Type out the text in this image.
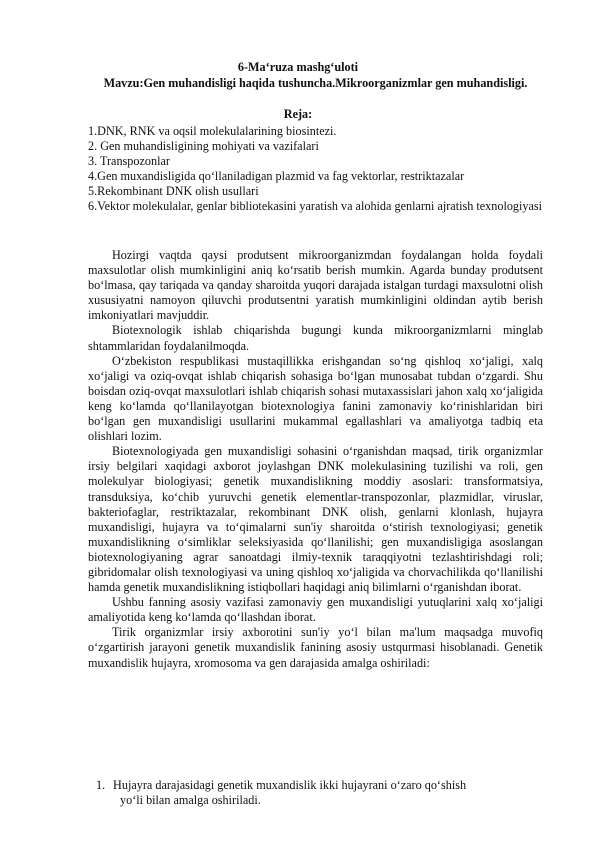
6-Ma‘ruza mashg‘uloti
Mavzu:Gen muhandisligi haqida tushuncha.Mikroorganizmlar gen muhandisligi.
Reja:
1.DNK, RNK va oqsil molekulalarining biosintezi.
2. Gen muhandisligining mohiyati va vazifalari
3. Transpozonlar
4.Gen muxandisligida qo‘llaniladigan plazmid va fag vektorlar, restriktazalar
5.Rekombinant DNK olish usullari
6.Vektor molekulalar, genlar bibliotekasini yaratish va alohida genlarni ajratish texnologiyasi

Hozirgi vaqtda qaysi produtsent mikroorganizmdan foydalangan holda foydali maxsulotlar olish mumkinligini aniq ko‘rsatib berish mumkin. Agarda bunday produtsent bo‘lmasa, qay tariqada va qanday sharoitda yuqori darajada istalgan turdagi maxsulotni olish xususiyatni namoyon qiluvchi produtsentni yaratish mumkinligini oldindan aytib berish imkoniyatlari mavjuddir.

Biotexnologik ishlab chiqarishda bugungi kunda mikroorganizmlarni minglab shtammlaridan foydalanilmoqda.

O‘zbekiston respublikasi mustaqillikka erishgandan so‘ng qishloq xo‘jaligi, xalq xo‘jaligi va oziq-ovqat ishlab chiqarish sohasiga bo‘lgan munosabat tubdan o‘zgardi. Shu boisdan oziq-ovqat maxsulotlari ishlab chiqarish sohasi mutaxassislari jahon xalq xo‘jaligida keng ko‘lamda qo‘llanilayotgan biotexnologiya fanini zamonaviy ko‘rinishlaridan biri bo‘lgan gen muxandisligi usullarini mukammal egallashlari va amaliyotga tadbiq eta olishlari lozim.

Biotexnologiyada gen muxandisligi sohasini o‘rganishdan maqsad, tirik organizmlar irsiy belgilari xaqidagi axborot joylashgan DNK molekulasining tuzilishi va roli, gen molekulyar biologiyasi; genetik muxandislikning moddiy asoslari: transformatsiya, transduksiya, ko‘chib yuruvchi genetik elementlar-transpozonlar, plazmidlar, viruslar, bakteriofaglar, restriktazalar, rekombinant DNK olish, genlarni klonlash, hujayra muxandisligi, hujayra va to‘qimalarni sun'iy sharoitda o‘stirish texnologiyasi; genetik muxandislikning o‘simliklar seleksiyasida qo‘llanilishi; gen muxandisligiga asoslangan biotexnologiyaning agrar sanoatdagi ilmiy-texnik taraqqiyotni tezlashtirishdagi roli; gibridomalar olish texnologiyasi va uning qishloq xo‘jaligida va chorvachilikda qo‘llanilishi hamda genetik muxandislikning istiqbollari haqidagi aniq bilimlarni o‘rganishdan iborat.

Ushbu fanning asosiy vazifasi zamonaviy gen muxandisligi yutuqlarini xalq xo‘jaligi amaliyotida keng ko‘lamda qo‘llashdan iborat.

Tirik organizmlar irsiy axborotini sun'iy yo‘l bilan ma'lum maqsadga muvofiq o‘zgartirish jarayoni genetik muxandislik fanining asosiy ustqurmasi hisoblanadi. Genetik muxandislik hujayra, xromosoma va gen darajasida amalga oshiriladi:

1. Hujayra darajasidagi genetik muxandislik ikki hujayrani o‘zaro qo‘shish
yo‘li bilan amalga oshiriladi.
